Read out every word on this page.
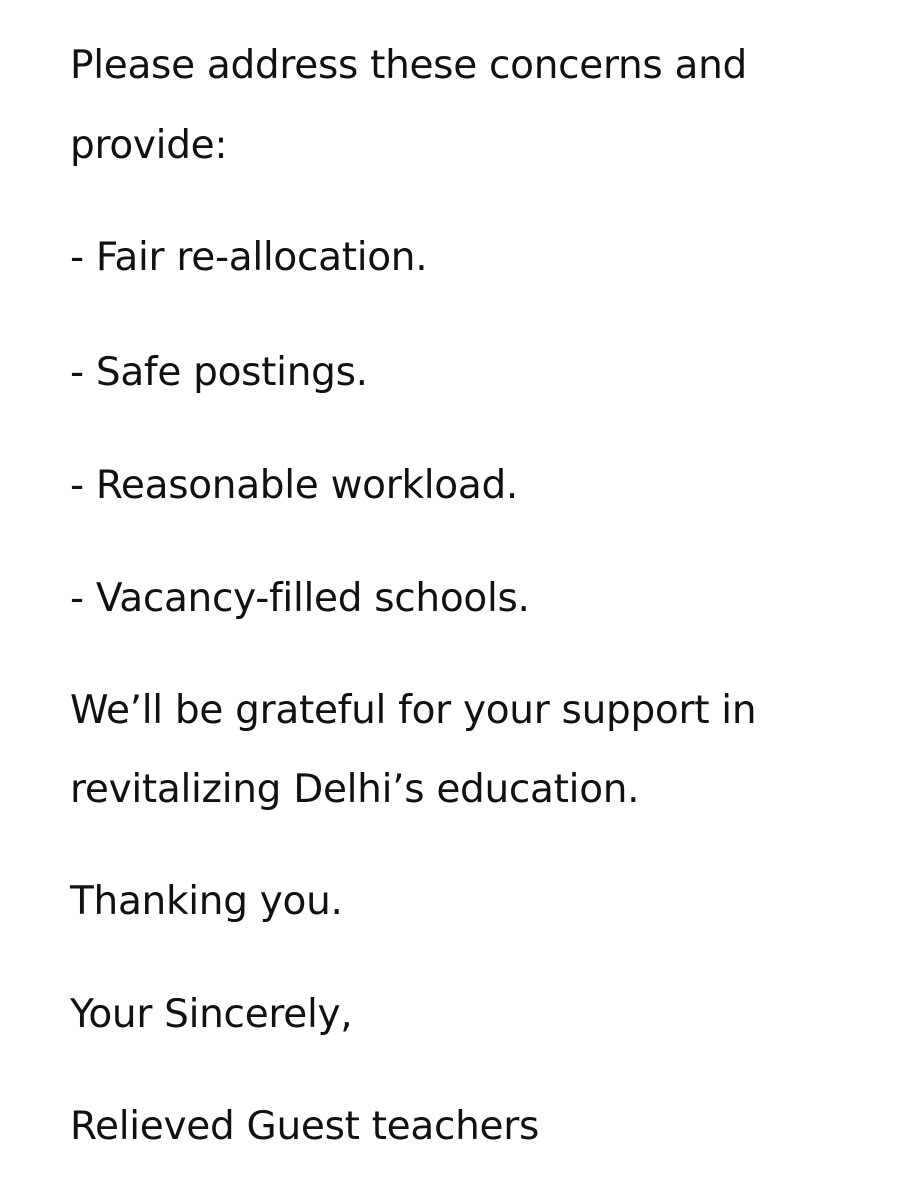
Please address these concerns and

provide:

- Fair re-allocation.

- Safe postings.

- Reasonable workload.

- Vacancy-filled schools.

We’ll be grateful for your support in

revitalizing Delhi’s education.

Thanking you.

Your Sincerely,

Relieved Guest teachers
